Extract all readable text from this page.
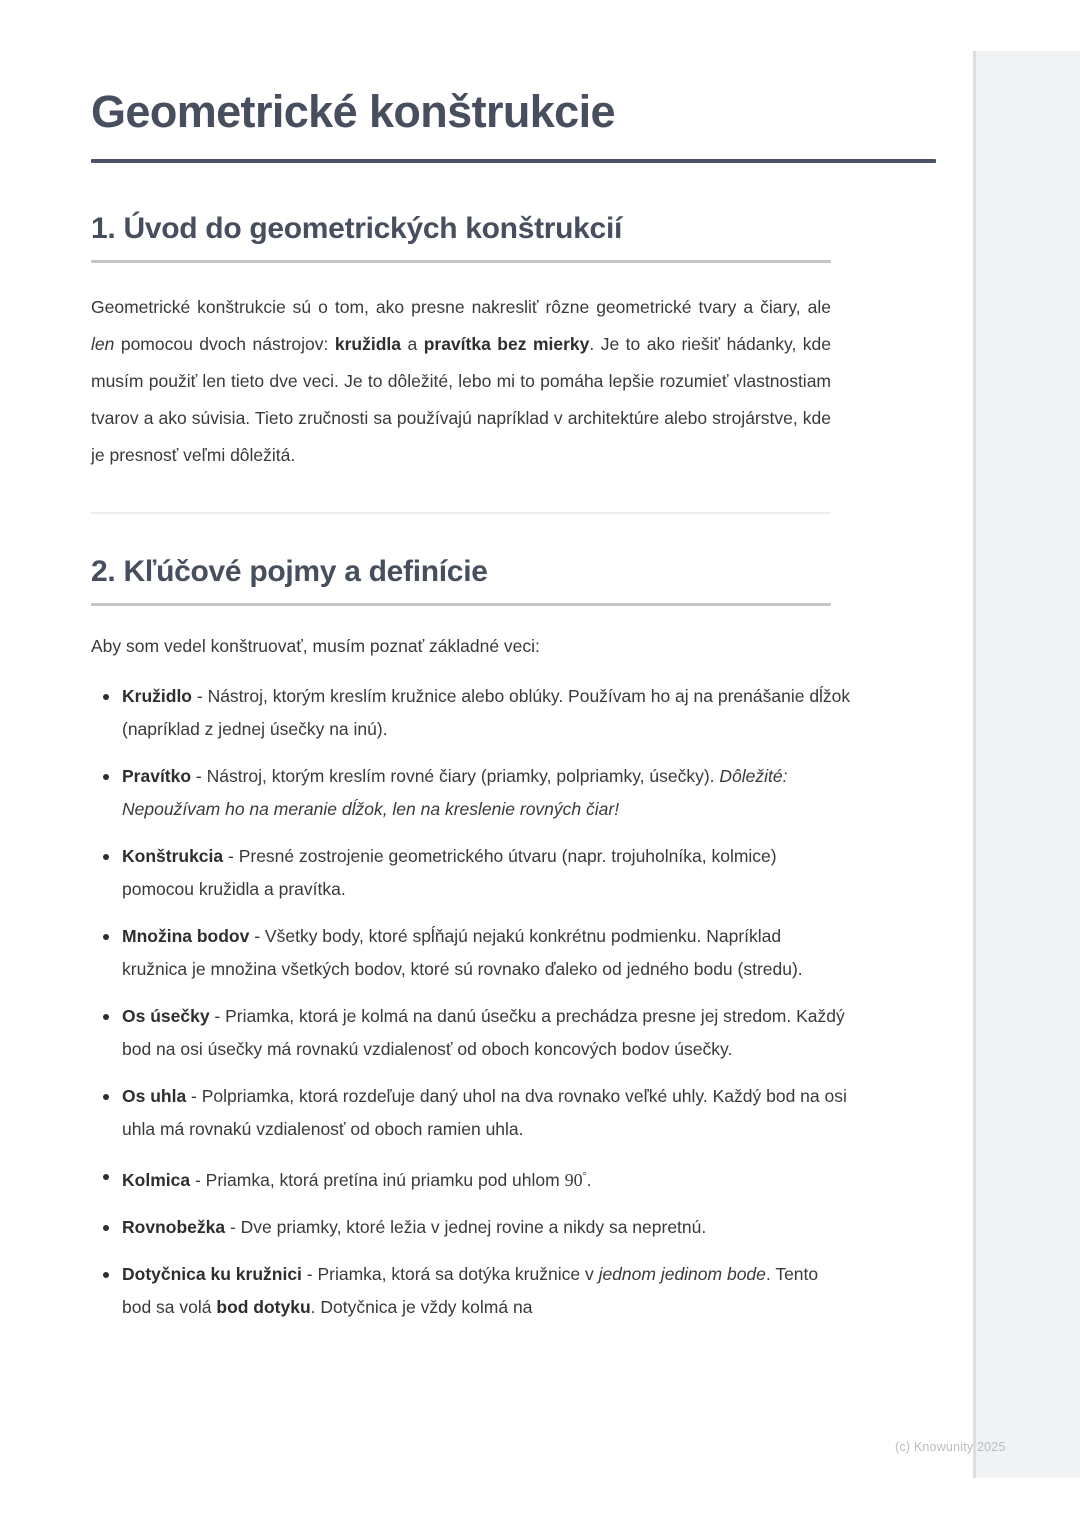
Geometrické konštrukcie
1. Úvod do geometrických konštrukcií

Geometrické konštrukcie sú o tom, ako presne nakresliť rôzne geometrické tvary a čiary, ale len pomocou dvoch nástrojov: kružidla a pravítka bez mierky. Je to ako riešiť hádanky, kde musím použiť len tieto dve veci. Je to dôležité, lebo mi to pomáha lepšie rozumieť vlastnostiam tvarov a ako súvisia. Tieto zručnosti sa používajú napríklad v architektúre alebo strojárstve, kde je presnosť veľmi dôležitá.

2. Kľúčové pojmy a definície

Aby som vedel konštruovať, musím poznať základné veci:

Kružidlo - Nástroj, ktorým kreslím kružnice alebo oblúky. Používam ho aj na prenášanie dĺžok (napríklad z jednej úsečky na inú).
Pravítko - Nástroj, ktorým kreslím rovné čiary (priamky, polpriamky, úsečky). Dôležité: Nepoužívam ho na meranie dĺžok, len na kreslenie rovných čiar!
Konštrukcia - Presné zostrojenie geometrického útvaru (napr. trojuholníka, kolmice) pomocou kružidla a pravítka.
Množina bodov - Všetky body, ktoré spĺňajú nejakú konkrétnu podmienku. Napríklad kružnica je množina všetkých bodov, ktoré sú rovnako ďaleko od jedného bodu (stredu).
Os úsečky - Priamka, ktorá je kolmá na danú úsečku a prechádza presne jej stredom. Každý bod na osi úsečky má rovnakú vzdialenosť od oboch koncových bodov úsečky.
Os uhla - Polpriamka, ktorá rozdeľuje daný uhol na dva rovnako veľké uhly. Každý bod na osi uhla má rovnakú vzdialenosť od oboch ramien uhla.
Kolmica - Priamka, ktorá pretína inú priamku pod uhlom 90°.
Rovnobežka - Dve priamky, ktoré ležia v jednej rovine a nikdy sa nepretnú.
Dotyčnica ku kružnici - Priamka, ktorá sa dotýka kružnice v jednom jedinom bode. Tento bod sa volá bod dotyku. Dotyčnica je vždy kolmá na
(c) Knowunity 2025
